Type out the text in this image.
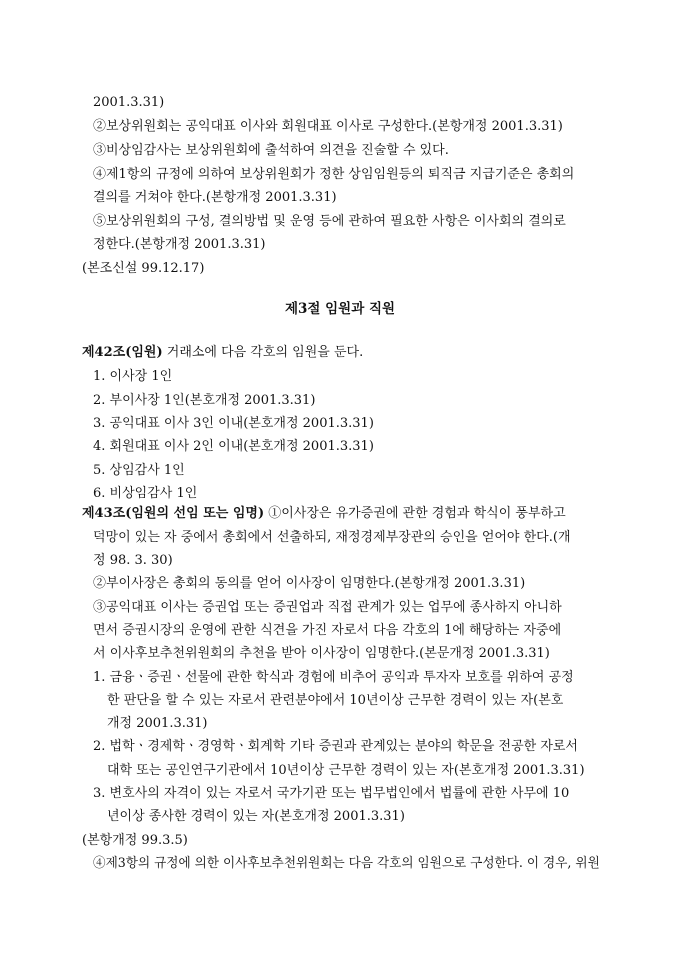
2001.3.31)
②보상위원회는 공익대표 이사와 회원대표 이사로 구성한다.(본항개정 2001.3.31)
③비상임감사는 보상위원회에 출석하여 의견을 진술할 수 있다.
④제1항의 규정에 의하여 보상위원회가 정한 상임임원등의 퇴직금 지급기준은 총회의
결의를 거쳐야 한다.(본항개정 2001.3.31)
⑤보상위원회의 구성, 결의방법 및 운영 등에 관하여 필요한 사항은 이사회의 결의로
정한다.(본항개정 2001.3.31)
(본조신설 99.12.17)
제3절 임원과 직원
제42조(임원) 거래소에 다음 각호의 임원을 둔다.
1. 이사장 1인
2. 부이사장 1인(본호개정 2001.3.31)
3. 공익대표 이사 3인 이내(본호개정 2001.3.31)
4. 회원대표 이사 2인 이내(본호개정 2001.3.31)
5. 상임감사 1인
6. 비상임감사 1인
제43조(임원의 선임 또는 임명) ①이사장은 유가증권에 관한 경험과 학식이 풍부하고
덕망이 있는 자 중에서 총회에서 선출하되, 재정경제부장관의 승인을 얻어야 한다.(개
정 98. 3. 30)
②부이사장은 총회의 동의를 얻어 이사장이 임명한다.(본항개정 2001.3.31)
③공익대표 이사는 증권업 또는 증권업과 직접 관계가 있는 업무에 종사하지 아니하
면서 증권시장의 운영에 관한 식견을 가진 자로서 다음 각호의 1에 해당하는 자중에
서 이사후보추천위원회의 추천을 받아 이사장이 임명한다.(본문개정 2001.3.31)
1. 금융ㆍ증권ㆍ선물에 관한 학식과 경험에 비추어 공익과 투자자 보호를 위하여 공정
한 판단을 할 수 있는 자로서 관련분야에서 10년이상 근무한 경력이 있는 자(본호
개정 2001.3.31)
2. 법학ㆍ경제학ㆍ경영학ㆍ회계학 기타 증권과 관계있는 분야의 학문을 전공한 자로서
대학 또는 공인연구기관에서 10년이상 근무한 경력이 있는 자(본호개정 2001.3.31)
3. 변호사의 자격이 있는 자로서 국가기관 또는 법무법인에서 법률에 관한 사무에 10
년이상 종사한 경력이 있는 자(본호개정 2001.3.31)
(본항개정 99.3.5)
④제3항의 규정에 의한 이사후보추천위원회는 다음 각호의 임원으로 구성한다. 이 경우, 위원
